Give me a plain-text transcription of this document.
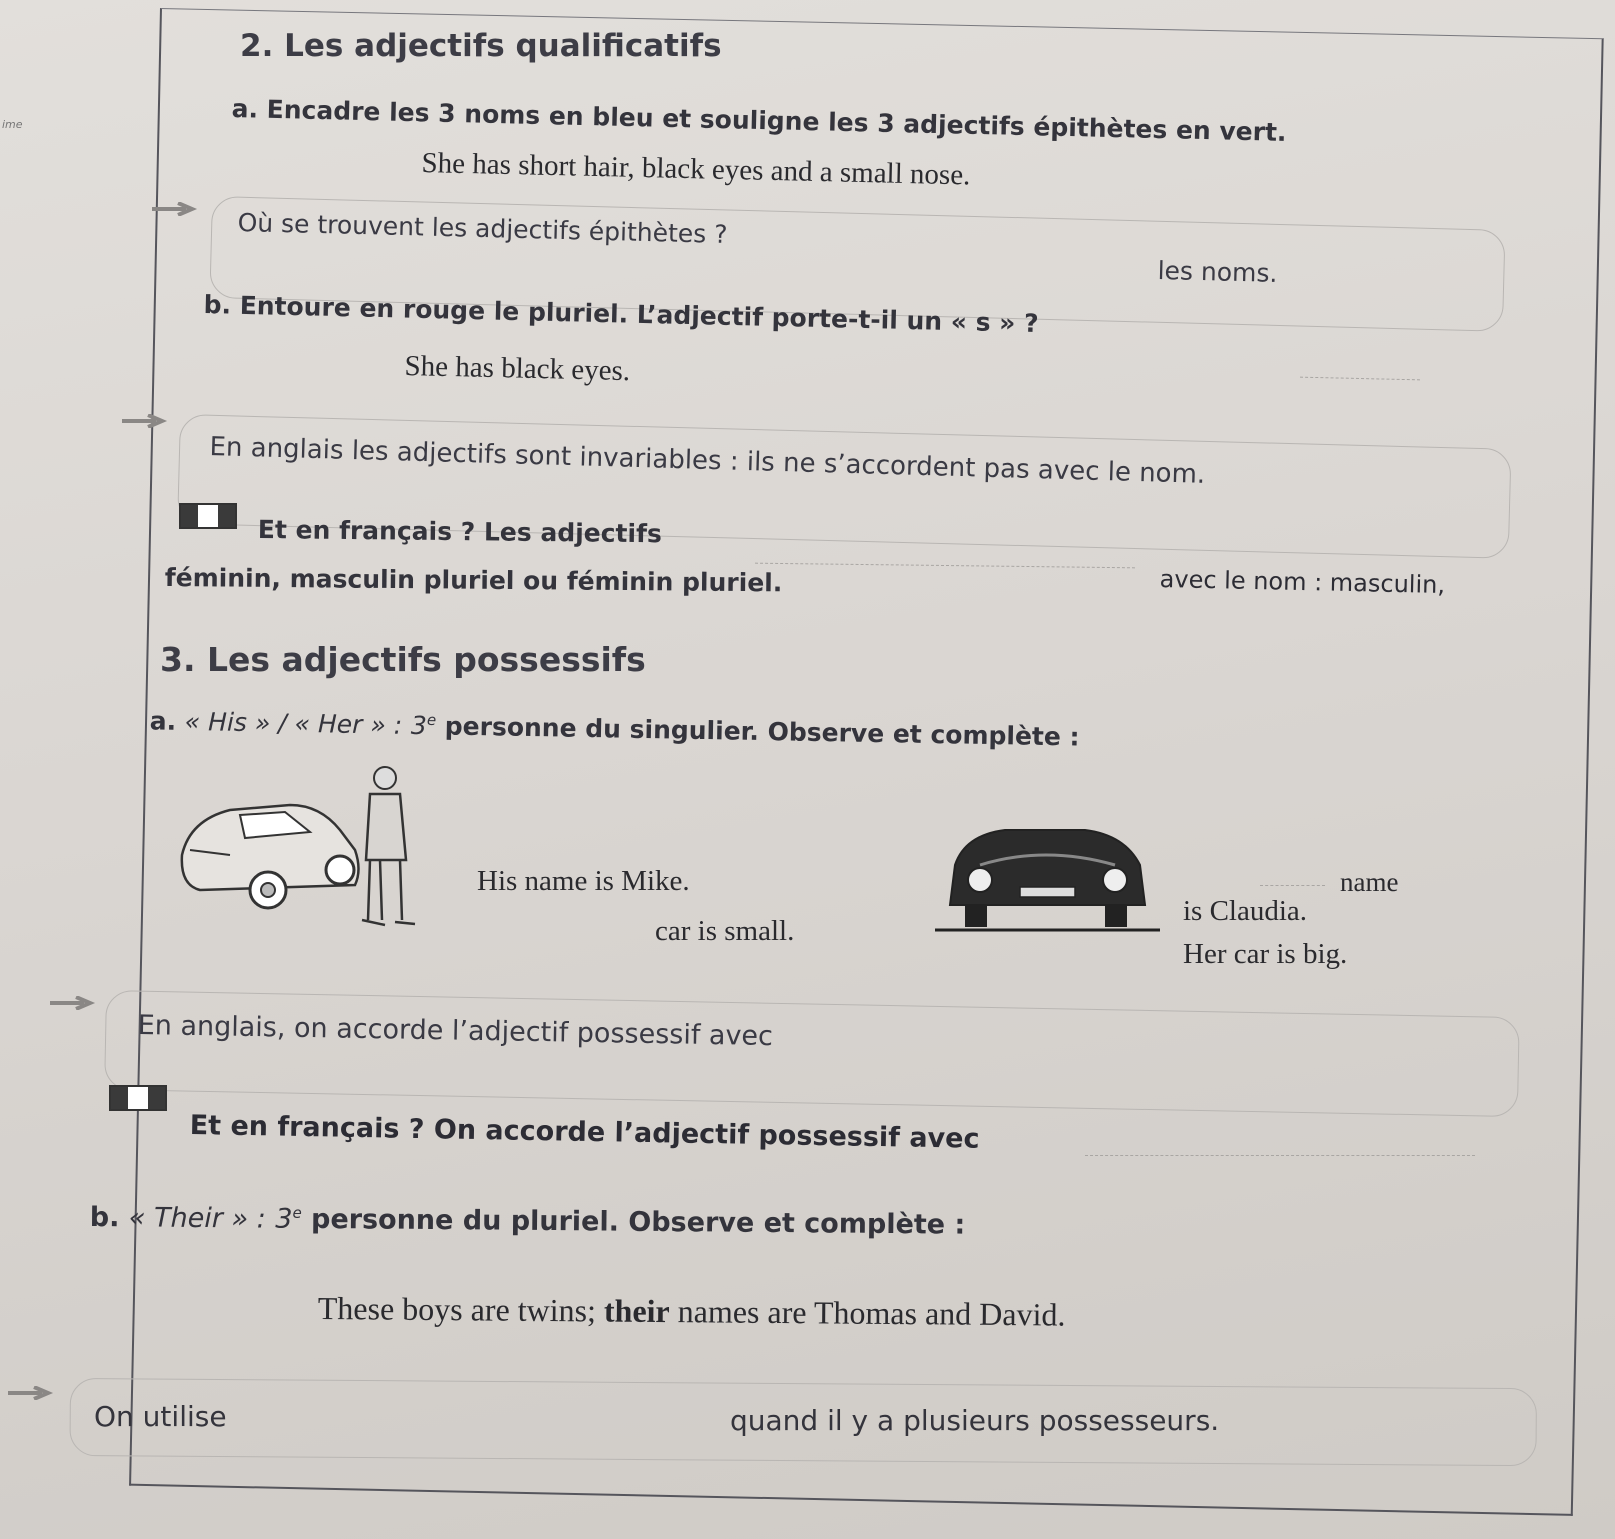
ime
2. Les adjectifs qualificatifs
a. Encadre les 3 noms en bleu et souligne les 3 adjectifs épithètes en vert.
She has short hair, black eyes and a small nose.
Où se trouvent les adjectifs épithètes ?
les noms.
b. Entoure en rouge le pluriel. L’adjectif porte-t-il un « s » ?
She has black eyes.
En anglais les adjectifs sont invariables : ils ne s’accordent pas avec le nom.
Et en français ? Les adjectifs
avec le nom : masculin,
féminin, masculin pluriel ou féminin pluriel.
3. Les adjectifs possessifs
a. « His » / « Her » : 3e personne du singulier. Observe et complète :
His name is Mike.
car is small.
name
is Claudia.
Her car is big.
En anglais, on accorde l’adjectif possessif avec
Et en français ? On accorde l’adjectif possessif avec
b. « Their » : 3e personne du pluriel. Observe et complète :
These boys are twins; their names are Thomas and David.
On utilise	quand il y a plusieurs possesseurs.
